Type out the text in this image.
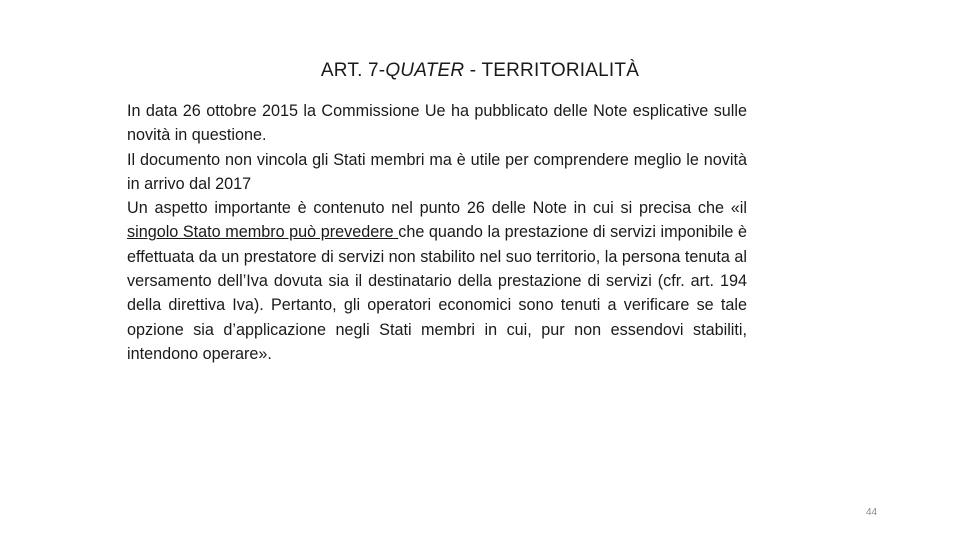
ART. 7-QUATER - TERRITORIALITÀ

In data 26 ottobre 2015 la Commissione Ue ha pubblicato delle Note esplicative sulle novità in questione.

Il documento non vincola gli Stati membri ma è utile per comprendere meglio le novità in arrivo dal 2017

Un aspetto importante è contenuto nel punto 26 delle Note in cui si precisa che «il singolo Stato membro può prevedere che quando la prestazione di servizi imponibile è effettuata da un prestatore di servizi non stabilito nel suo territorio, la persona tenuta al versamento dell’Iva dovuta sia il destinatario della prestazione di servizi (cfr. art. 194 della direttiva Iva). Pertanto, gli operatori economici sono tenuti a verificare se tale opzione sia d’applicazione negli Stati membri in cui, pur non essendovi stabiliti, intendono operare».

44
